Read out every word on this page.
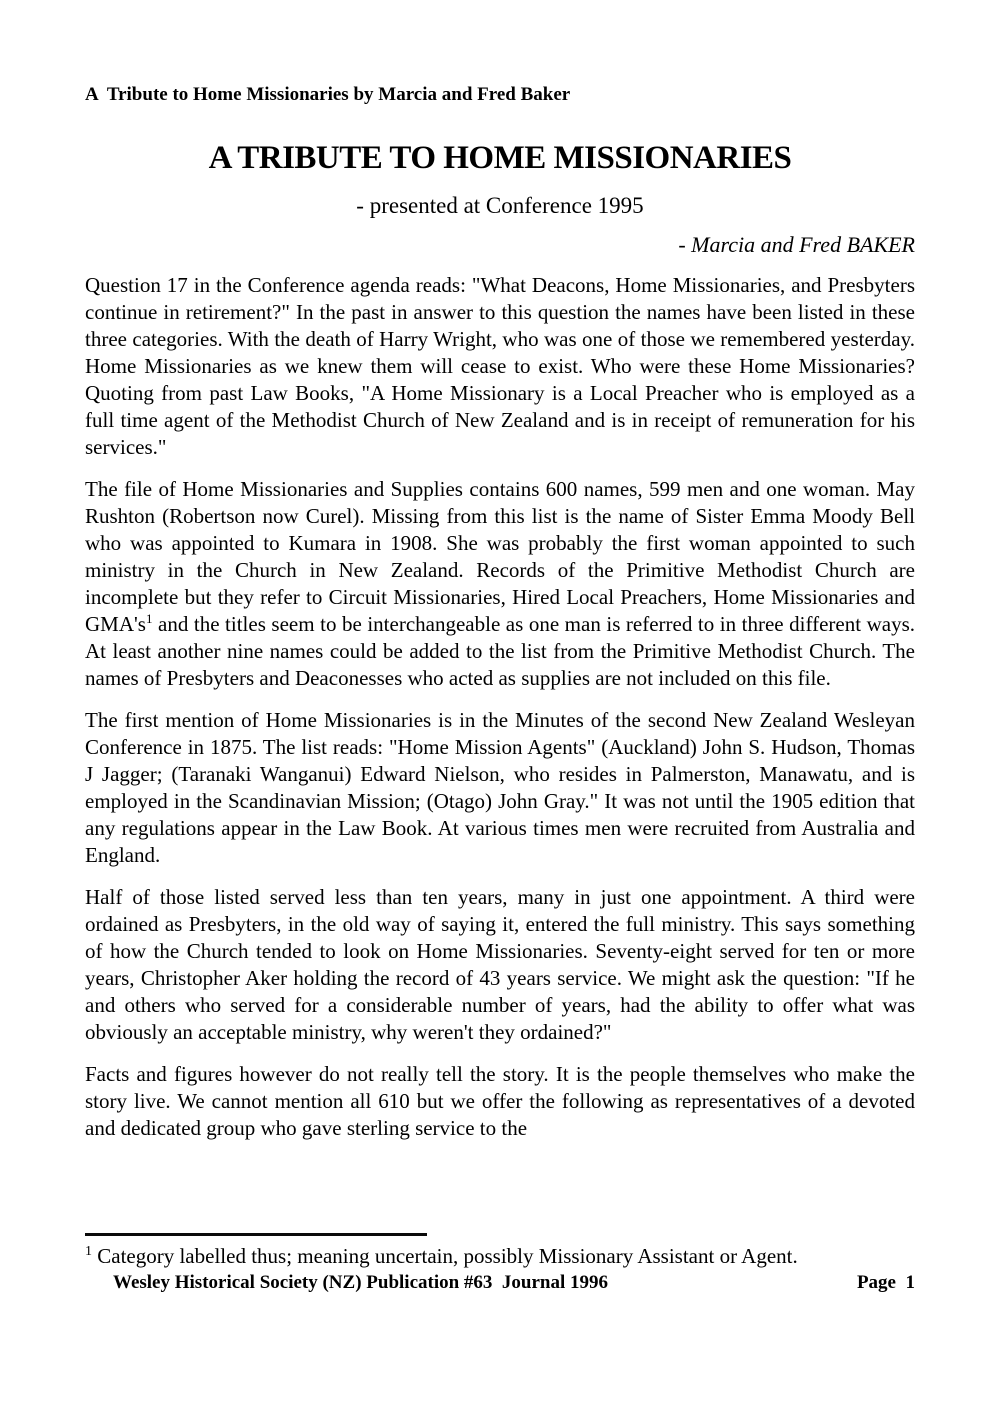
A  Tribute to Home Missionaries by Marcia and Fred Baker
A TRIBUTE TO HOME MISSIONARIES
- presented at Conference 1995
- Marcia and Fred BAKER

Question 17 in the Conference agenda reads: "What Deacons, Home Missionaries, and Presbyters continue in retirement?" In the past in answer to this question the names have been listed in these three categories. With the death of Harry Wright, who was one of those we remembered yesterday. Home Missionaries as we knew them will cease to exist. Who were these Home Missionaries? Quoting from past Law Books, "A Home Missionary is a Local Preacher who is employed as a full time agent of the Methodist Church of New Zealand and is in receipt of remuneration for his services."

The file of Home Missionaries and Supplies contains 600 names, 599 men and one woman. May Rushton (Robertson now Curel). Missing from this list is the name of Sister Emma Moody Bell who was appointed to Kumara in 1908. She was probably the first woman appointed to such ministry in the Church in New Zealand. Records of the Primitive Methodist Church are incomplete but they refer to Circuit Missionaries, Hired Local Preachers, Home Missionaries and GMA's$^1$ and the titles seem to be interchangeable as one man is referred to in three different ways. At least another nine names could be added to the list from the Primitive Methodist Church. The names of Presbyters and Deaconesses who acted as supplies are not included on this file.

The first mention of Home Missionaries is in the Minutes of the second New Zealand Wesleyan Conference in 1875. The list reads: "Home Mission Agents" (Auckland) John S. Hudson, Thomas J Jagger; (Taranaki Wanganui) Edward Nielson, who resides in Palmerston, Manawatu, and is employed in the Scandinavian Mission; (Otago) John Gray." It was not until the 1905 edition that any regulations appear in the Law Book. At various times men were recruited from Australia and England.

Half of those listed served less than ten years, many in just one appointment. A third were ordained as Presbyters, in the old way of saying it, entered the full ministry. This says something of how the Church tended to look on Home Missionaries. Seventy-eight served for ten or more years, Christopher Aker holding the record of 43 years service. We might ask the question: "If he and others who served for a considerable number of years, had the ability to offer what was obviously an acceptable ministry, why weren't they ordained?"

Facts and figures however do not really tell the story. It is the people themselves who make the story live. We cannot mention all 610 but we offer the following as representatives of a devoted and dedicated group who gave sterling service to the

$^1$ Category labelled thus; meaning uncertain, possibly Missionary Assistant or Agent.
Wesley Historical Society (NZ) Publication #63  Journal 1996	Page  1
